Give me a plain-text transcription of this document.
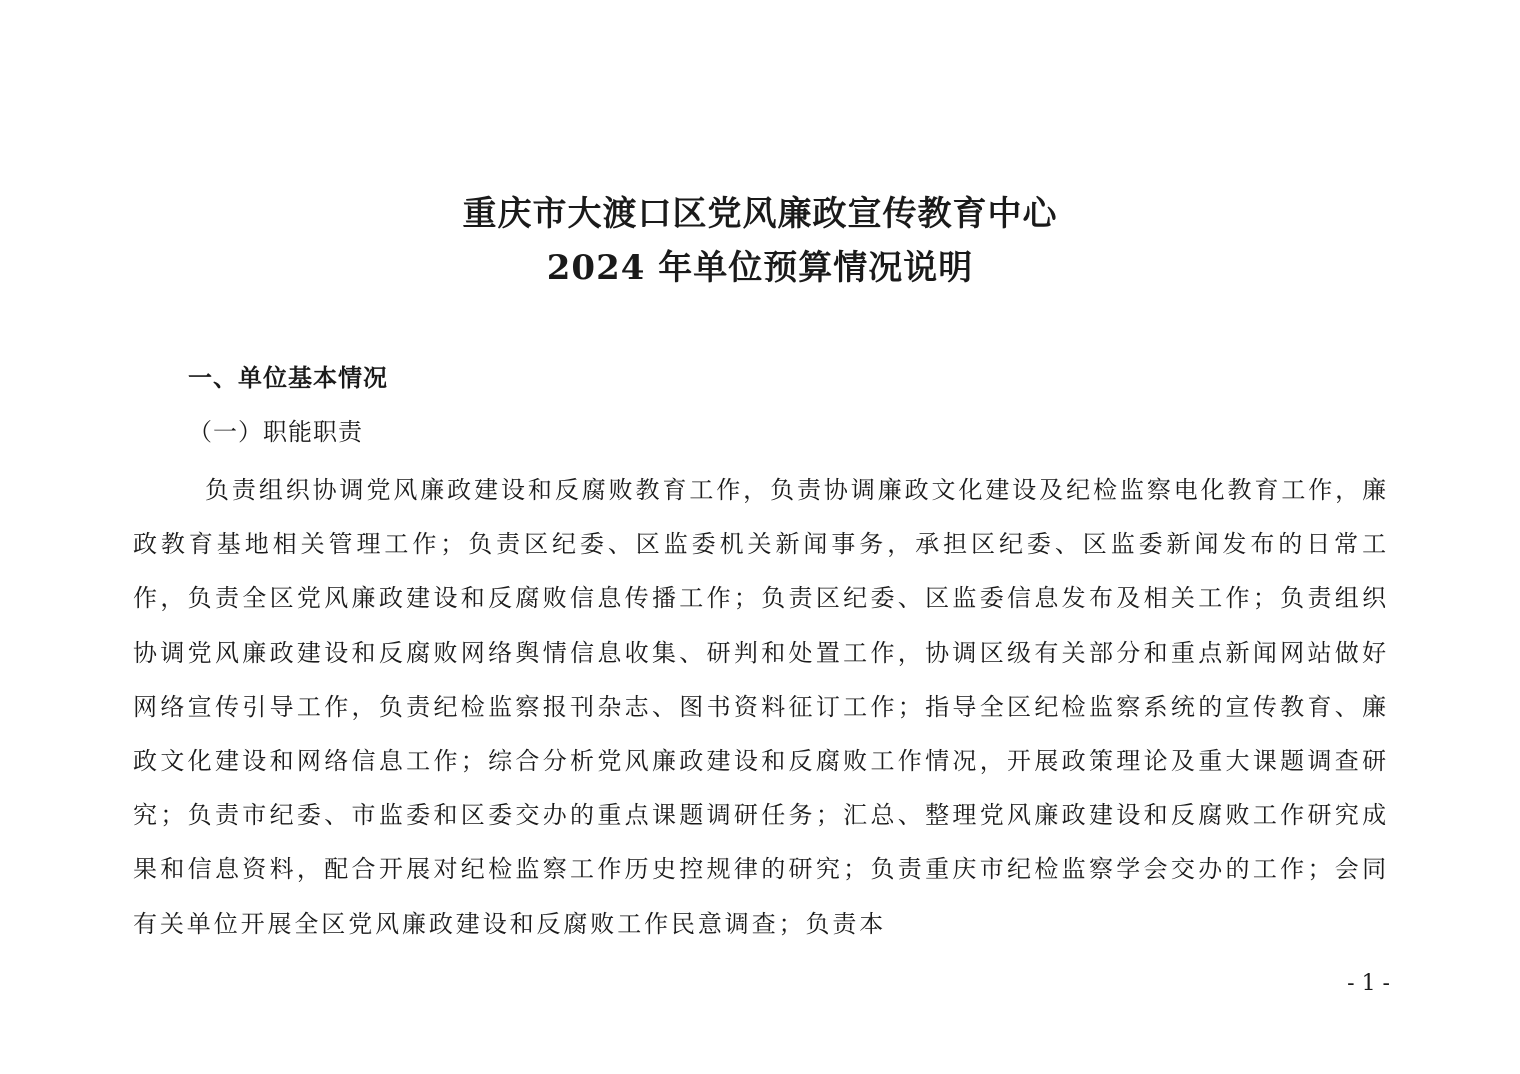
重庆市大渡口区党风廉政宣传教育中心
2024 年单位预算情况说明
一、单位基本情况
（一）职能职责

负责组织协调党风廉政建设和反腐败教育工作，负责协调廉政文化建设及纪检监察电化教育工作，廉政教育基地相关管理工作；负责区纪委、区监委机关新闻事务，承担区纪委、区监委新闻发布的日常工作，负责全区党风廉政建设和反腐败信息传播工作；负责区纪委、区监委信息发布及相关工作；负责组织协调党风廉政建设和反腐败网络舆情信息收集、研判和处置工作，协调区级有关部分和重点新闻网站做好网络宣传引导工作，负责纪检监察报刊杂志、图书资料征订工作；指导全区纪检监察系统的宣传教育、廉政文化建设和网络信息工作；综合分析党风廉政建设和反腐败工作情况，开展政策理论及重大课题调查研究；负责市纪委、市监委和区委交办的重点课题调研任务；汇总、整理党风廉政建设和反腐败工作研究成果和信息资料，配合开展对纪检监察工作历史控规律的研究；负责重庆市纪检监察学会交办的工作；会同有关单位开展全区党风廉政建设和反腐败工作民意调查；负责本

- 1 -
